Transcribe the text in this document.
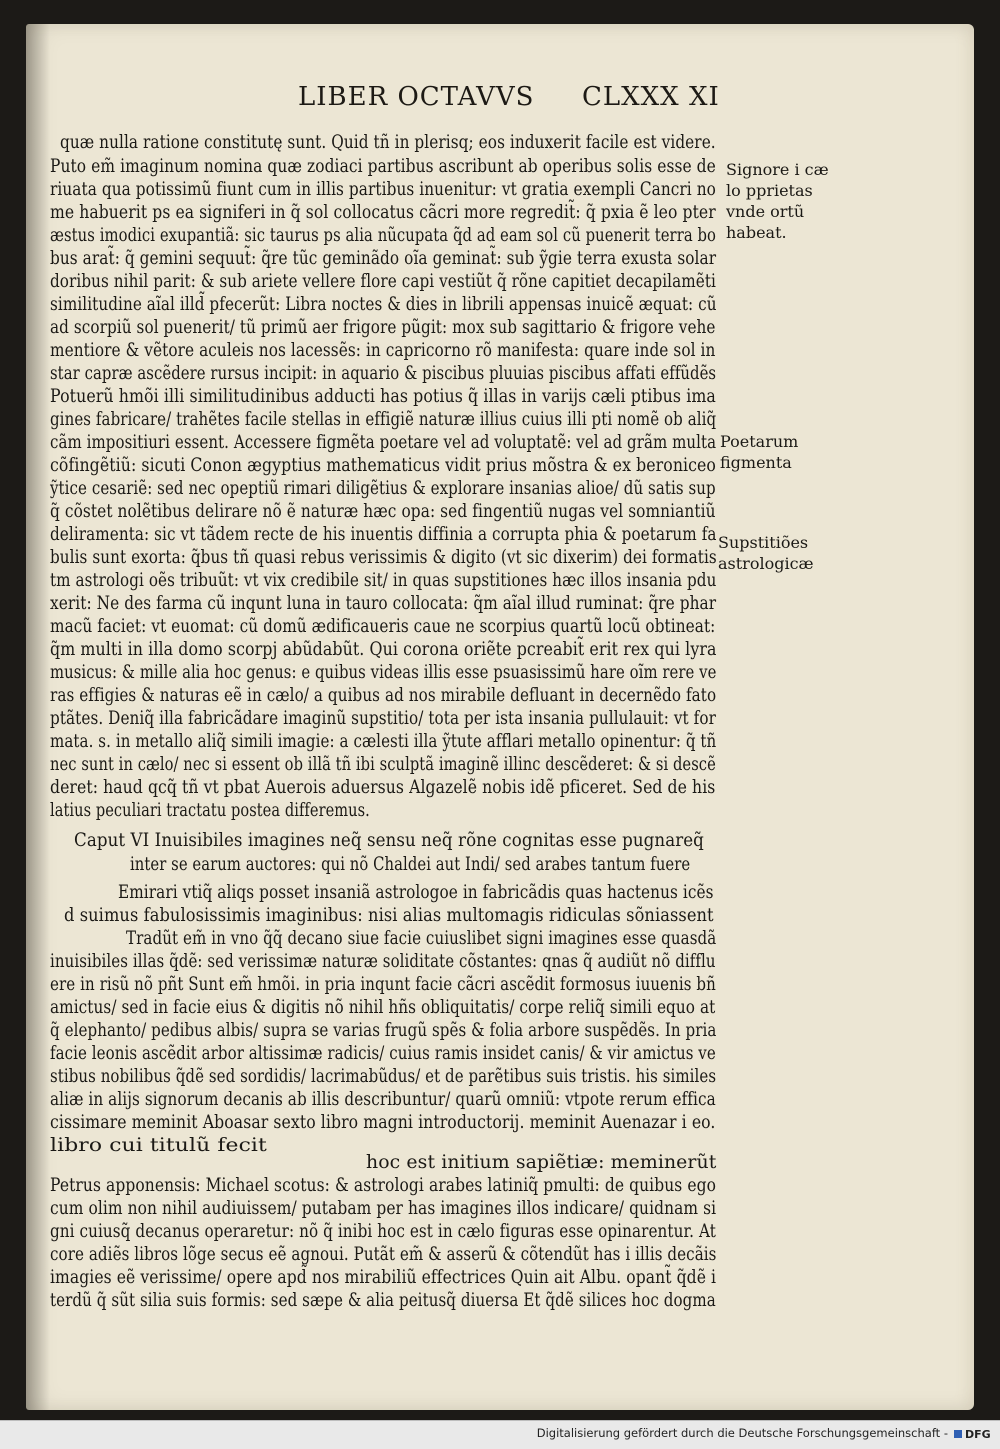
LIBER OCTAVVS CLXXX XI
quæ nulla ratione constitutę sunt. Quid tñ in plerisq; eos induxerit facile est videre.
Puto em̃ imaginum nomina quæ zodiaci partibus ascribunt ab operibus solis esse de
riuata qua potissimũ fiunt cum in illis partibus inuenitur: vt gratia exempli Cancri no
me habuerit ps ea signiferi in q̃ sol collocatus cãcri more regredit̃: q̃ pxia ẽ leo pter
æstus imodici exupantiã: sic taurus ps alia nũcupata q̃d ad eam sol cũ puenerit terra bo
bus arat̃: q̃ gemini sequut̃: q̃re tũc geminãdo oĩa geminat̃: sub ỹgie terra exusta solar
doribus nihil parit: & sub ariete vellere flore capi vestiũt q̃ rõne capitiet decapilamẽti
similitudine aĩal illd̃ pfecerũt: Libra noctes & dies in librili appensas inuicẽ æquat: cũ
ad scorpiũ sol puenerit/ tũ primũ aer frigore pũgit: mox sub sagittario & frigore vehe
mentiore & vẽtore aculeis nos lacessẽs: in capricorno rõ manifesta: quare inde sol in
star capræ ascẽdere rursus incipit: in aquario & piscibus pluuias piscibus affati effũdẽs
Potuerũ hmõi illi similitudinibus adducti has potius q̃ illas in varijs cæli ptibus ima
gines fabricare/ trahẽtes facile stellas in effigiẽ naturæ illius cuius illi pti nomẽ ob aliq̃
cãm impositiuri essent. Accessere figmẽta poetare vel ad voluptatẽ: vel ad grãm multa
cõfingẽtiũ: sicuti Conon ægyptius mathematicus vidit prius mõstra & ex beroniceo
ỹtice cesariẽ: sed nec opeptiũ rimari diligẽtius & explorare insanias alioe/ dũ satis sup
q̃ cõstet nolẽtibus delirare nõ ẽ naturæ hæc opa: sed fingentiũ nugas vel somniantiũ
deliramenta: sic vt tãdem recte de his inuentis diffinia a corrupta phia & poetarum fa
bulis sunt exorta: q̃bus tñ quasi rebus verissimis & digito (vt sic dixerim) dei formatis
tm astrologi oẽs tribuũt: vt vix credibile sit/ in quas supstitiones hæc illos insania pdu
xerit: Ne des farma cũ inqunt luna in tauro collocata: q̃m aĩal illud ruminat: q̃re phar
macũ faciet: vt euomat: cũ domũ ædificaueris caue ne scorpius quartũ locũ obtineat:
q̃m multi in illa domo scorpj abũdabũt. Qui corona oriẽte pcreabit̃ erit rex qui lyra
musicus: & mille alia hoc genus: e quibus videas illis esse psuasissimũ hare oĩm rere ve
ras effigies & naturas eẽ in cælo/ a quibus ad nos mirabile defluant in decernẽdo fato
ptãtes. Deniq̃ illa fabricãdare imaginũ supstitio/ tota per ista insania pullulauit: vt for
mata. s. in metallo aliq̃ simili imagie: a cælesti illa ỹtute afflari metallo opinentur: q̃ tñ
nec sunt in cælo/ nec si essent ob illã tñ ibi sculptã imaginẽ illinc descẽderet: & si descẽ
deret: haud qcq̃ tñ vt pbat Auerois aduersus Algazelẽ nobis idẽ pficeret. Sed de his
latius peculiari tractatu postea differemus.
Caput VI Inuisibiles imagines neq̃ sensu neq̃ rõne cognitas esse pugnareq̃
inter se earum auctores: qui nõ Chaldei aut Indi/ sed arabes tantum fuere
Emirari vtiq̃ aliqs posset insaniã astrologoe in fabricãdis quas hactenus icẽs
d suimus fabulosissimis imaginibus: nisi alias multomagis ridiculas sõniassent
Tradũt em̃ in vno q̃q̃ decano siue facie cuiuslibet signi imagines esse quasdã
inuisibiles illas q̃dẽ: sed verissimæ naturæ soliditate cõstantes: qnas q̃ audiũt nõ difflu
ere in risũ nõ pñt Sunt em̃ hmõi. in pria inqunt facie cãcri ascẽdit formosus iuuenis bñ
amictus/ sed in facie eius & digitis nõ nihil hñs obliquitatis/ corpe reliq̃ simili equo at
q̃ elephanto/ pedibus albis/ supra se varias frugũ spẽs & folia arbore suspẽdẽs. In pria
facie leonis ascẽdit arbor altissimæ radicis/ cuius ramis insidet canis/ & vir amictus ve
stibus nobilibus q̃dẽ sed sordidis/ lacrimabũdus/ et de parẽtibus suis tristis. his similes
aliæ in alijs signorum decanis ab illis describuntur/ quarũ omniũ: vtpote rerum effica
cissimare meminit Aboasar sexto libro magni introductorij. meminit Auenazar i eo.
libro cui titulũ fecit
hoc est initium sapiẽtiæ: meminerũt
Petrus apponensis: Michael scotus: & astrologi arabes latiniq̃ pmulti: de quibus ego
cum olim non nihil audiuissem/ putabam per has imagines illos indicare/ quidnam si
gni cuiusq̃ decanus operaretur: nõ q̃ inibi hoc est in cælo figuras esse opinarentur. At
core adiẽs libros lõge secus eẽ agnoui. Putãt em̃ & asserũ & cõtendũt has i illis decãis
imagies eẽ verissime/ opere apd̃ nos mirabiliũ effectrices Quin ait Albu. opant̃ q̃dẽ i
terdũ q̃ sũt silia suis formis: sed sæpe & alia peitusq̃ diuersa Et q̃dẽ silices hoc dogma
Signore i cæ
lo pprietas
vnde ortũ
habeat.
Poetarum
figmenta
Supstitiões
astrologicæ
Digitalisierung gefördert durch die Deutsche Forschungsgemeinschaft - DFG
